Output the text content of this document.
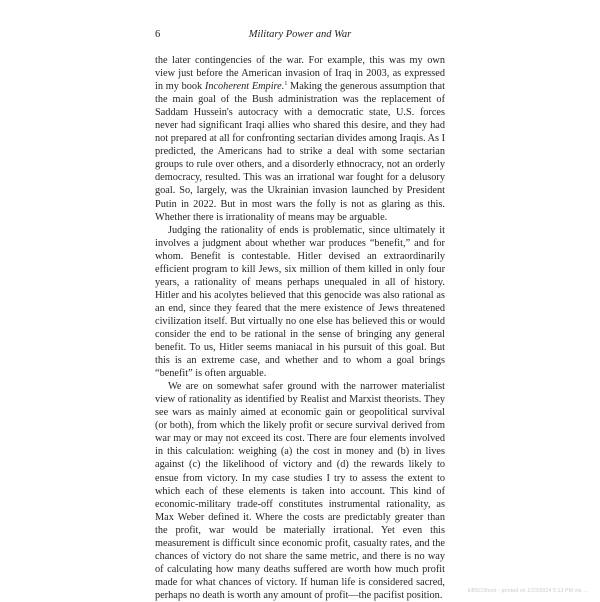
6	Military Power and War

the later contingencies of the war. For example, this was my own view just before the American invasion of Iraq in 2003, as expressed in my book Incoherent Empire.$^1$ Making the generous assumption that the main goal of the Bush administration was the replacement of Saddam Hussein's autocracy with a democratic state, U.S. forces never had significant Iraqi allies who shared this desire, and they had not prepared at all for confronting sectarian divides among Iraqis. As I predicted, the Americans had to strike a deal with some sectarian groups to rule over others, and a disorderly ethnocracy, not an orderly democracy, resulted. This was an irrational war fought for a delusory goal. So, largely, was the Ukrainian invasion launched by President Putin in 2022. But in most wars the folly is not as glaring as this. Whether there is irrationality of means may be arguable.

Judging the rationality of ends is problematic, since ultimately it involves a judgment about whether war produces “benefit,” and for whom. Benefit is contestable. Hitler devised an extraordinarily efficient program to kill Jews, six million of them killed in only four years, a rationality of means perhaps unequaled in all of history. Hitler and his acolytes believed that this genocide was also rational as an end, since they feared that the mere existence of Jews threatened civilization itself. But virtually no one else has believed this or would consider the end to be rational in the sense of bringing any general benefit. To us, Hitler seems maniacal in his pursuit of this goal. But this is an extreme case, and whether and to whom a goal brings “benefit” is often arguable.

We are on somewhat safer ground with the narrower materialist view of rationality as identified by Realist and Marxist theorists. They see wars as mainly aimed at economic gain or geopolitical survival (or both), from which the likely profit or secure survival derived from war may or may not exceed its cost. There are four elements involved in this calculation: weighing (a) the cost in money and (b) in lives against (c) the likelihood of victory and (d) the rewards likely to ensue from victory. In my case studies I try to assess the extent to which each of these elements is taken into account. This kind of economic-military trade-off constitutes instrumental rationality, as Max Weber defined it. Where the costs are predictably greater than the profit, war would be materially irrational. Yet even this measurement is difficult since economic profit, casualty rates, and the chances of victory do not share the same metric, and there is no way of calculating how many deaths suffered are worth how much profit made for what chances of victory. If human life is considered sacred, perhaps no death is worth any amount of profit—the pacifist position.	EBSCOhost - printed on 1/23/2024 5:13 PM via ...
